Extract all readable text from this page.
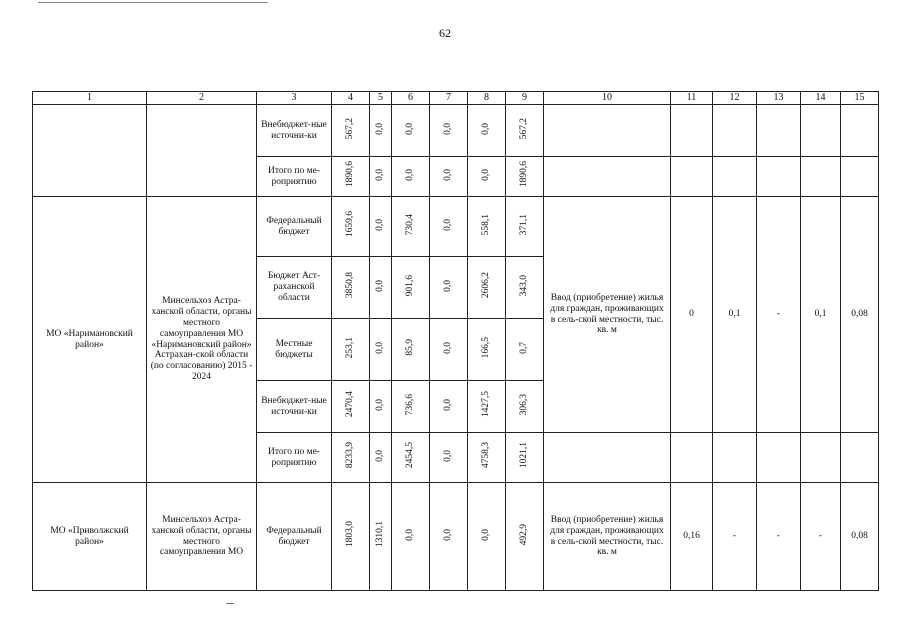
62
1	2	3	4	5	6	7	8	9	10	11	12	13	14	15

		Внебюджет-ные источни-ки	567,2	0,0	0,0	0,0	0,0	567,2						

		Итого по ме-роприятию	1890,6	0,0	0,0	0,0	0,0	1890,6						

МО «Наримановский район»	Минсельхоз Астра-ханской области, органы местного самоуправления МО «Наримановский район» Астрахан-ской области (по согласованию) 2015 - 2024	Федеральный бюджет	1659,6	0,0	730,4	0,0	558,1	371,1	Ввод (приобретение) жилья для граждан, проживающих в сель-ской местности, тыс. кв. м	0	0,1	-	0,1	0,08

		Бюджет Аст-раханской области	3850,8	0,0	901,6	0,0	2606,2	343,0						

		Местные бюджеты	253,1	0,0	85,9	0,0	166,5	0,7						

		Внебюджет-ные источни-ки	2470,4	0,0	736,6	0,0	1427,5	306,3						

		Итого по ме-роприятию	8233,9	0,0	2454,5	0,0	4758,3	1021,1						

МО «Приволжский район»	Минсельхоз Астра-ханской области, органы местного самоуправления МО	Федеральный бюджет	1803,0	1310,1	0,0	0,0	0,0	492,9	Ввод (приобретение) жилья для граждан, проживающих в сель-ской местности, тыс. кв. м	0,16	-	-	-	0,08
